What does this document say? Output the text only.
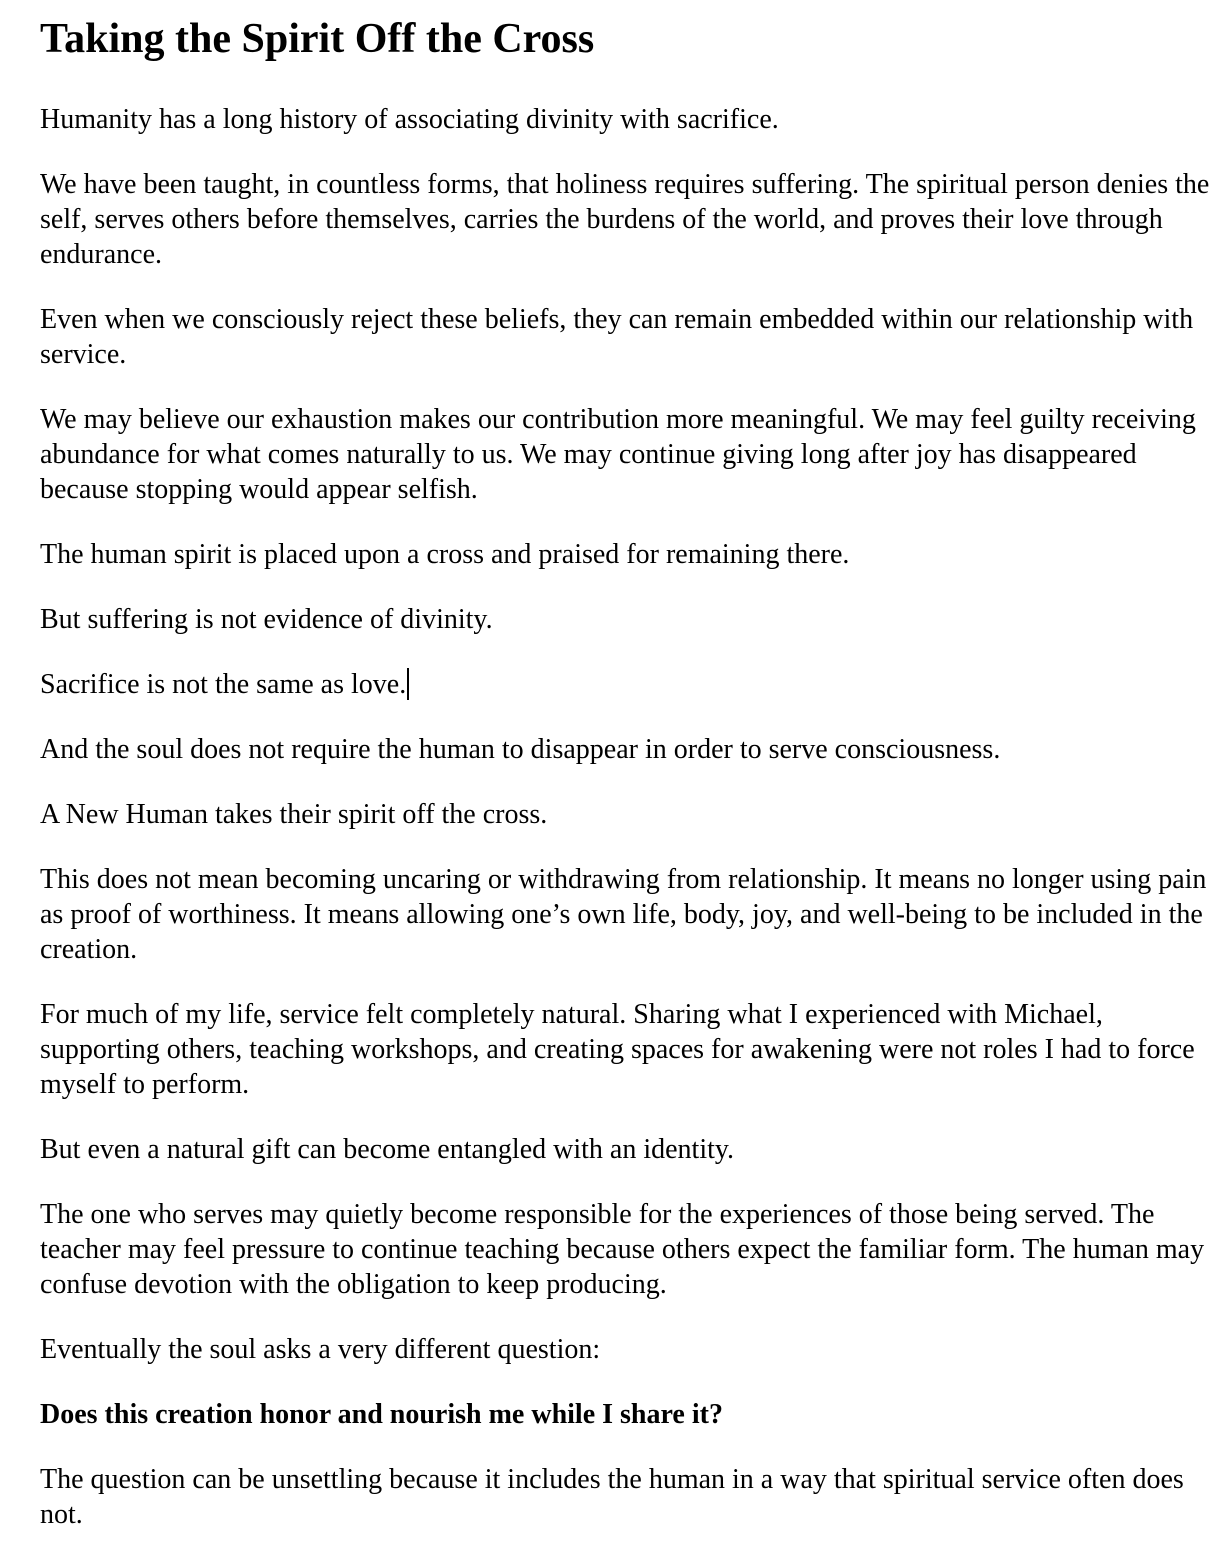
Taking the Spirit Off the Cross

Humanity has a long history of associating divinity with sacrifice.

We have been taught, in countless forms, that holiness requires suffering. The spiritual person denies the self, serves others before themselves, carries the burdens of the world, and proves their love through endurance.

Even when we consciously reject these beliefs, they can remain embedded within our relationship with service.

We may believe our exhaustion makes our contribution more meaningful. We may feel guilty receiving abundance for what comes naturally to us. We may continue giving long after joy has disappeared because stopping would appear selfish.

The human spirit is placed upon a cross and praised for remaining there.

But suffering is not evidence of divinity.

Sacrifice is not the same as love.

And the soul does not require the human to disappear in order to serve consciousness.

A New Human takes their spirit off the cross.

This does not mean becoming uncaring or withdrawing from relationship. It means no longer using pain as proof of worthiness. It means allowing one’s own life, body, joy, and well-being to be included in the creation.

For much of my life, service felt completely natural. Sharing what I experienced with Michael, supporting others, teaching workshops, and creating spaces for awakening were not roles I had to force myself to perform.

But even a natural gift can become entangled with an identity.

The one who serves may quietly become responsible for the experiences of those being served. The teacher may feel pressure to continue teaching because others expect the familiar form. The human may confuse devotion with the obligation to keep producing.

Eventually the soul asks a very different question:

Does this creation honor and nourish me while I share it?

The question can be unsettling because it includes the human in a way that spiritual service often does not.
